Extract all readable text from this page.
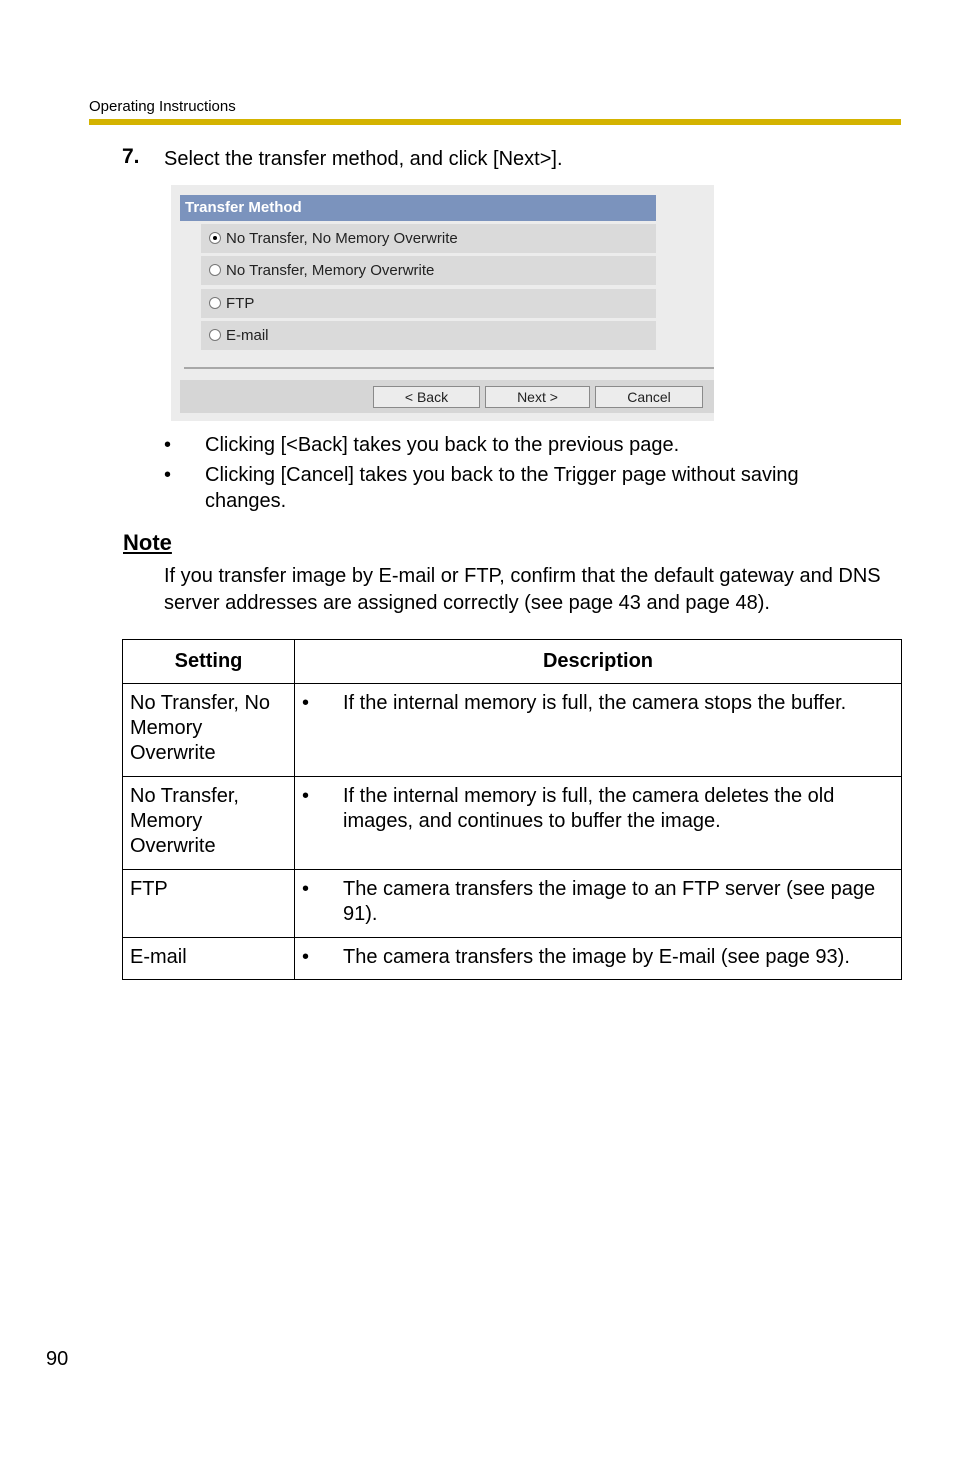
Operating Instructions
7. Select the transfer method, and click [Next>].
Transfer Method
No Transfer, No Memory Overwrite
No Transfer, Memory Overwrite
FTP
E-mail
< Back	Next >	Cancel
• Clicking [<Back] takes you back to the previous page.
• Clicking [Cancel] takes you back to the Trigger page without saving changes.
Note
If you transfer image by E-mail or FTP, confirm that the default gateway and DNS server addresses are assigned correctly (see page 43 and page 48).
Setting	Description
No Transfer, No Memory Overwrite	• If the internal memory is full, the camera stops the buffer.

No Transfer, Memory Overwrite	• If the internal memory is full, the camera deletes the old images, and continues to buffer the image.

FTP	• The camera transfers the image to an FTP server (see page 91).

E-mail	• The camera transfers the image by E-mail (see page 93).
90
